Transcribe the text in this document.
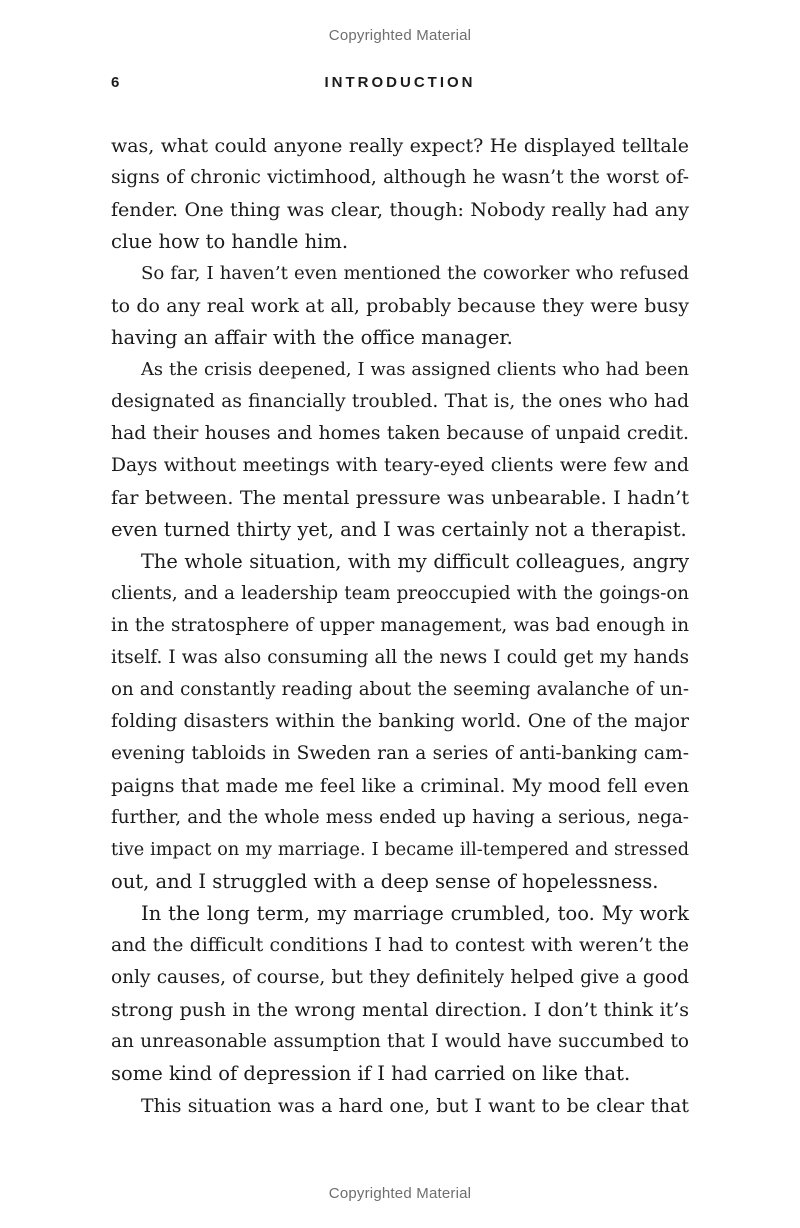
Copyrighted Material
6	INTRODUCTION
was, what could anyone really expect? He displayed telltale
signs of chronic victimhood, although he wasn’t the worst of-
fender. One thing was clear, though: Nobody really had any
clue how to handle him.
So far, I haven’t even mentioned the coworker who refused
to do any real work at all, probably because they were busy
having an affair with the office manager.
As the crisis deepened, I was assigned clients who had been
designated as financially troubled. That is, the ones who had
had their houses and homes taken because of unpaid credit.
Days without meetings with teary-eyed clients were few and
far between. The mental pressure was unbearable. I hadn’t
even turned thirty yet, and I was certainly not a therapist.
The whole situation, with my difficult colleagues, angry
clients, and a leadership team preoccupied with the goings-on
in the stratosphere of upper management, was bad enough in
itself. I was also consuming all the news I could get my hands
on and constantly reading about the seeming avalanche of un-
folding disasters within the banking world. One of the major
evening tabloids in Sweden ran a series of anti-banking cam-
paigns that made me feel like a criminal. My mood fell even
further, and the whole mess ended up having a serious, nega-
tive impact on my marriage. I became ill-tempered and stressed
out, and I struggled with a deep sense of hopelessness.
In the long term, my marriage crumbled, too. My work
and the difficult conditions I had to contest with weren’t the
only causes, of course, but they definitely helped give a good
strong push in the wrong mental direction. I don’t think it’s
an unreasonable assumption that I would have succumbed to
some kind of depression if I had carried on like that.
This situation was a hard one, but I want to be clear that
Copyrighted Material
